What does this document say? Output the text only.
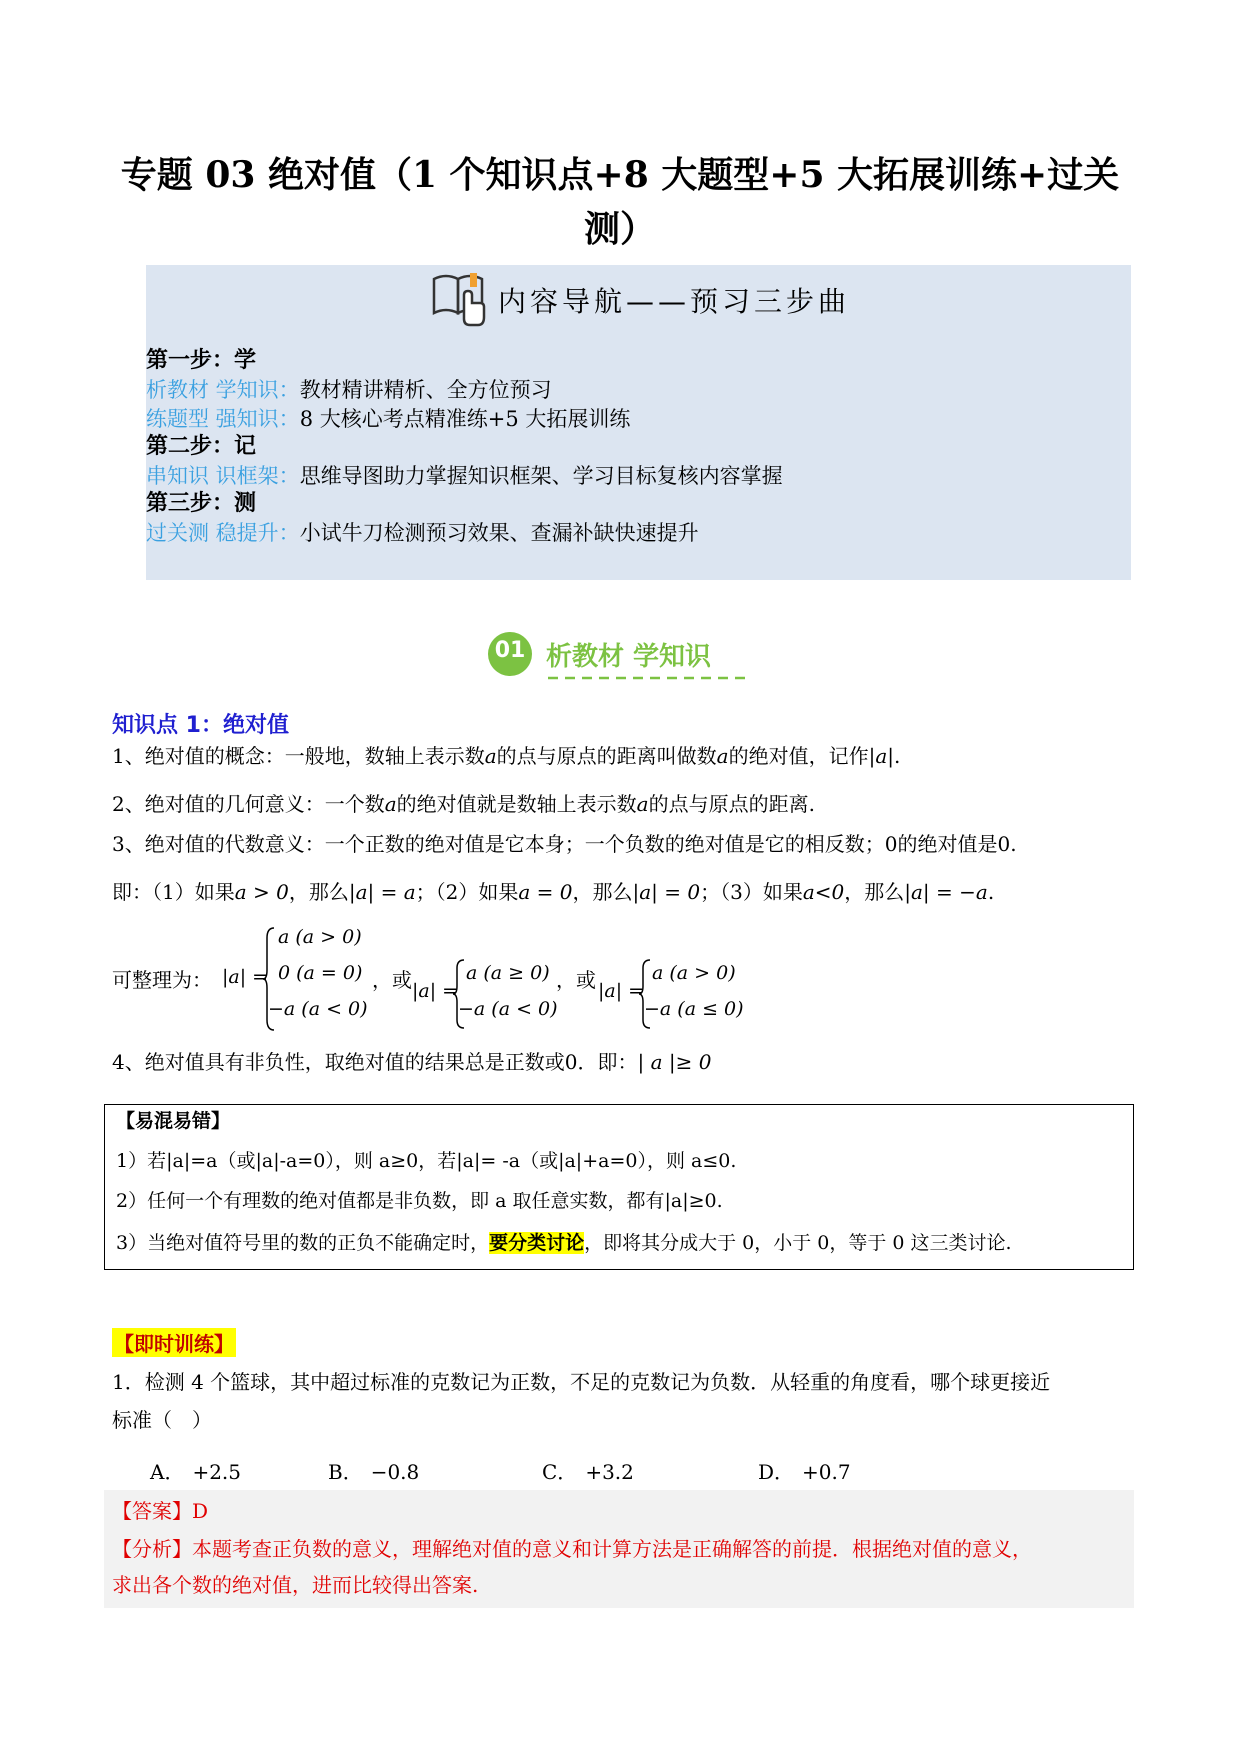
专题 03 绝对值（1 个知识点+8 大题型+5 大拓展训练+过关
测）
内容导航——预习三步曲
第一步：学
析教材 学知识：教材精讲精析、全方位预习
练题型 强知识：8 大核心考点精准练+5 大拓展训练
第二步：记
串知识 识框架：思维导图助力掌握知识框架、学习目标复核内容掌握
第三步：测
过关测 稳提升：小试牛刀检测预习效果、查漏补缺快速提升
01 析教材 学知识
知识点 1：绝对值
1、绝对值的概念：一般地，数轴上表示数a的点与原点的距离叫做数a的绝对值，记作|a|.
2、绝对值的几何意义：一个数a的绝对值就是数轴上表示数a的点与原点的距离.
3、绝对值的代数意义：一个正数的绝对值是它本身；一个负数的绝对值是它的相反数；0的绝对值是0.
即：（1）如果a > 0，那么|a| = a；（2）如果a = 0，那么|a| = 0；（3）如果a<0，那么|a| = −a.
可整理为： |a| =
a (a > 0)
0 (a = 0)
−a (a < 0)
，或 |a| =
a (a ≥ 0)
−a (a < 0)
，或 |a| =
a (a > 0)
−a (a ≤ 0)
4、绝对值具有非负性，取绝对值的结果总是正数或0．即：| a |≥ 0
【易混易错】
1）若|a|=a（或|a|-a=0），则 a≥0，若|a|= -a（或|a|+a=0），则 a≤0.
2）任何一个有理数的绝对值都是非负数，即 a 取任意实数，都有|a|≥0.
3）当绝对值符号里的数的正负不能确定时，要分类讨论，即将其分成大于 0，小于 0，等于 0 这三类讨论.
【即时训练】
1．检测 4 个篮球，其中超过标准的克数记为正数，不足的克数记为负数．从轻重的角度看，哪个球更接近
标准（　）
A． +2.5	B． −0.8	C． +3.2	D． +0.7
【答案】D
【分析】本题考查正负数的意义，理解绝对值的意义和计算方法是正确解答的前提．根据绝对值的意义，
求出各个数的绝对值，进而比较得出答案.
